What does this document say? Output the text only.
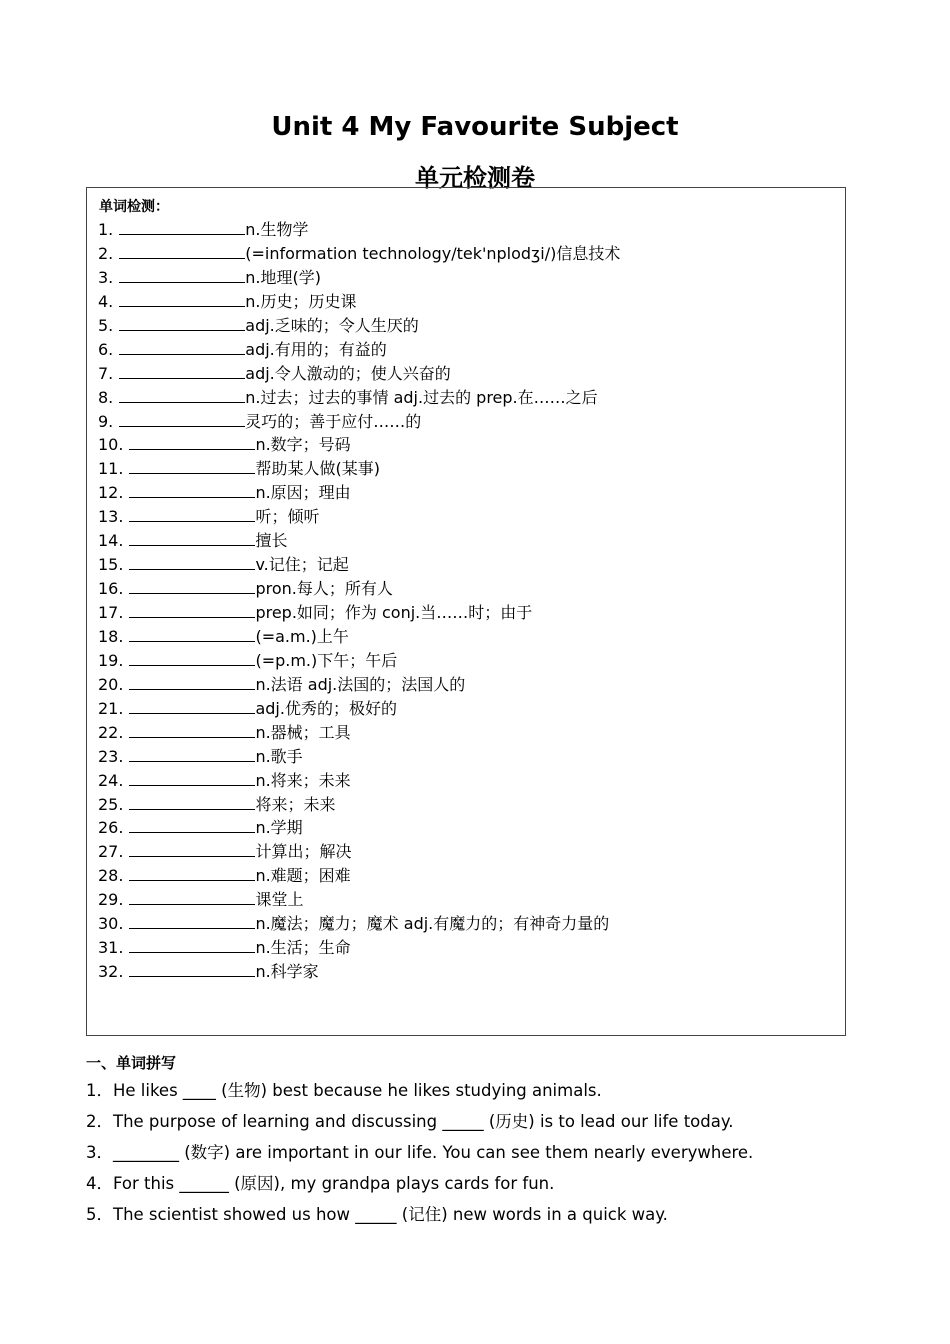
Unit 4 My Favourite Subject
单元检测卷
单词检测：
1.	n.生物学
2.	(=information technology/tek'nplodʒi/)信息技术
3.	n.地理(学)
4.	n.历史；历史课
5.	adj.乏味的；令人生厌的
6.	adj.有用的；有益的
7.	adj.令人激动的；使人兴奋的
8.	n.过去；过去的事情 adj.过去的 prep.在……之后
9.	灵巧的；善于应付……的
10.	n.数字；号码
11.	帮助某人做(某事)
12.	n.原因；理由
13.	听；倾听
14.	擅长
15.	v.记住；记起
16.	pron.每人；所有人
17.	prep.如同；作为 conj.当……时；由于
18.	(=a.m.)上午
19.	(=p.m.)下午；午后
20.	n.法语 adj.法国的；法国人的
21.	adj.优秀的；极好的
22.	n.器械；工具
23.	n.歌手
24.	n.将来；未来
25.	将来；未来
26.	n.学期
27.	计算出；解决
28.	n.难题；困难
29.	课堂上
30.	n.魔法；魔力；魔术 adj.有魔力的；有神奇力量的
31.	n.生活；生命
32.	n.科学家
一、单词拼写
1．He likes ____ (生物) best because he likes studying animals.
2．The purpose of learning and discussing _____ (历史) is to lead our life today.
3．________ (数字) are important in our life. You can see them nearly everywhere.
4．For this ______ (原因), my grandpa plays cards for fun.
5．The scientist showed us how _____ (记住) new words in a quick way.
